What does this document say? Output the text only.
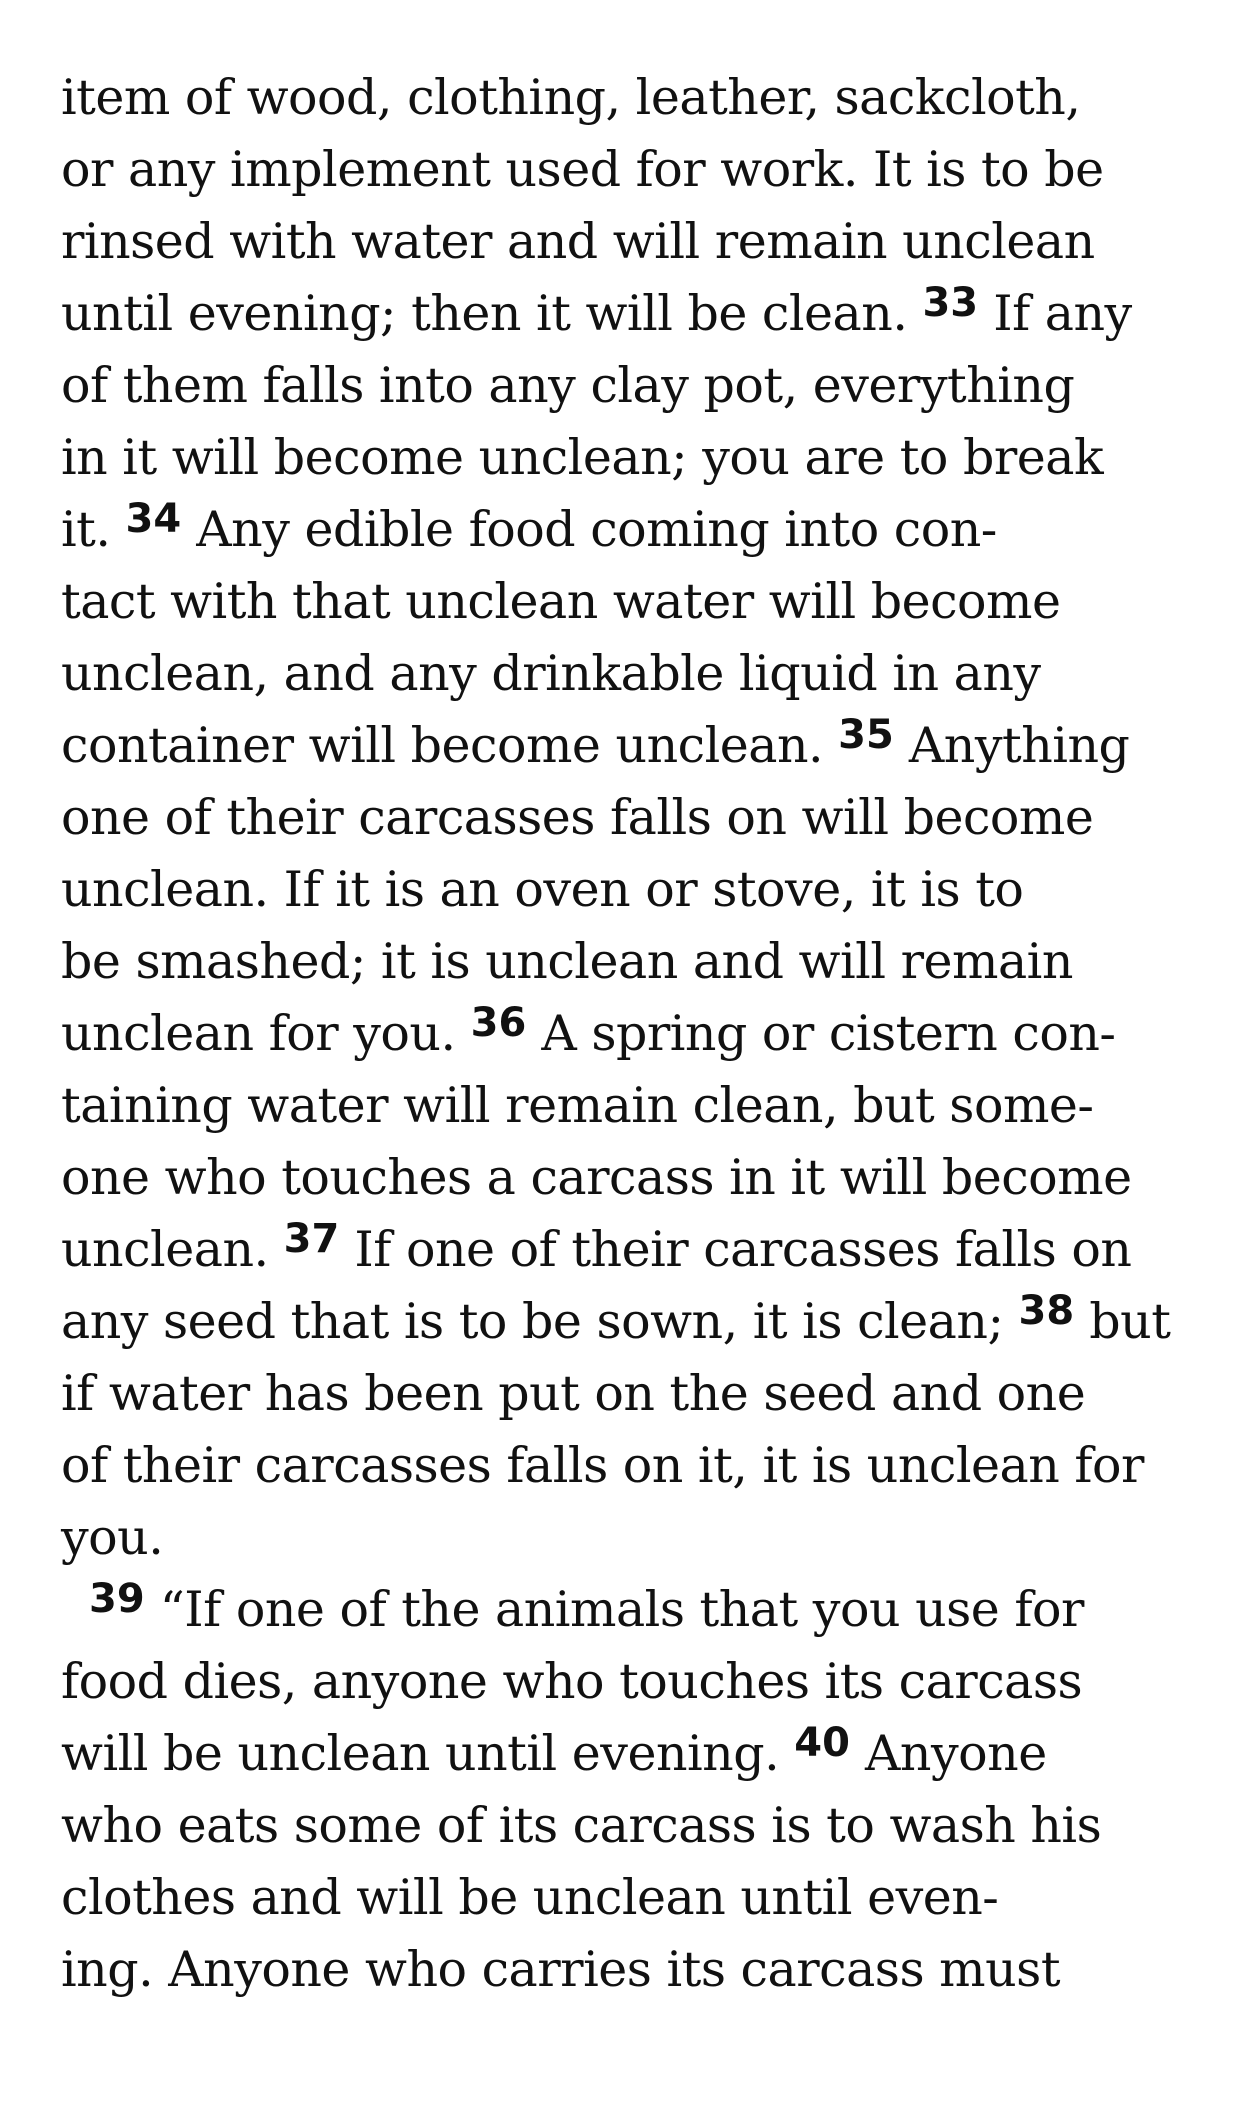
item of wood, clothing, leather, sackcloth,
or any implement used for work. It is to be
rinsed with water and will remain unclean
until evening; then it will be clean. $^{33}$ If any
of them falls into any clay pot, everything
in it will become unclean; you are to break
it. $^{34}$ Any edible food coming into con-
tact with that unclean water will become
unclean, and any drinkable liquid in any
container will become unclean. $^{35}$ Anything
one of their carcasses falls on will become
unclean. If it is an oven or stove, it is to
be smashed; it is unclean and will remain
unclean for you. $^{36}$ A spring or cistern con-
taining water will remain clean, but some-
one who touches a carcass in it will become
unclean. $^{37}$ If one of their carcasses falls on
any seed that is to be sown, it is clean; $^{38}$ but
if water has been put on the seed and one
of their carcasses falls on it, it is unclean for
you.
$^{39}$ “If one of the animals that you use for
food dies, anyone who touches its carcass
will be unclean until evening. $^{40}$ Anyone
who eats some of its carcass is to wash his
clothes and will be unclean until even-
ing. Anyone who carries its carcass must
